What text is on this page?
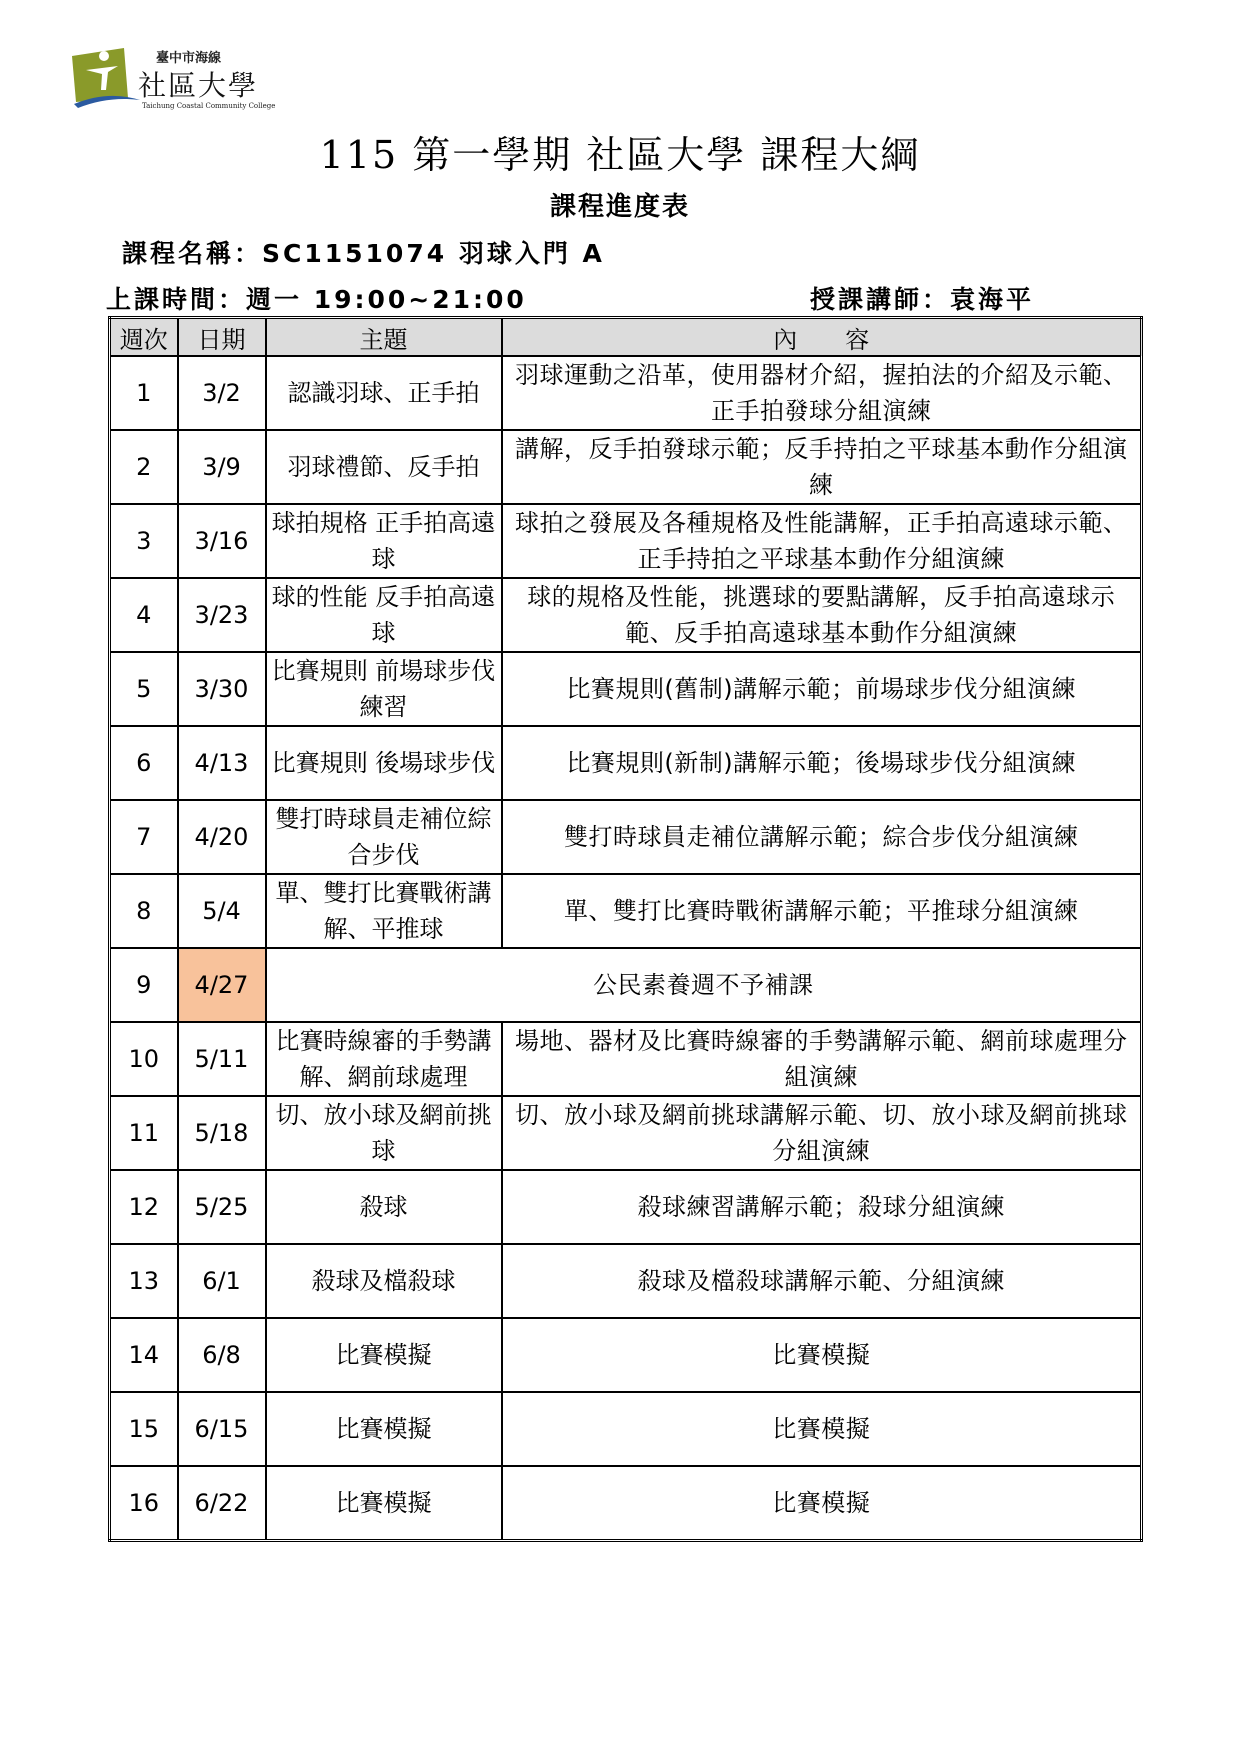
臺中市海線
社區大學
Taichung Coastal Community College
115 第一學期 社區大學 課程大綱
課程進度表
課程名稱：SC1151074 羽球入門 A
上課時間：週一 19:00~21:00	授課講師：袁海平
週次	日期	主題	內　　容
1	3/2	認識羽球、正手拍	羽球運動之沿革，使用器材介紹，握拍法的介紹及示範、正手拍發球分組演練
2	3/9	羽球禮節、反手拍	講解，反手拍發球示範；反手持拍之平球基本動作分組演練
3	3/16	球拍規格 正手拍高遠球	球拍之發展及各種規格及性能講解，正手拍高遠球示範、正手持拍之平球基本動作分組演練
4	3/23	球的性能 反手拍高遠球	球的規格及性能，挑選球的要點講解，反手拍高遠球示範、反手拍高遠球基本動作分組演練
5	3/30	比賽規則 前場球步伐練習	比賽規則(舊制)講解示範；前場球步伐分組演練
6	4/13	比賽規則 後場球步伐	比賽規則(新制)講解示範；後場球步伐分組演練
7	4/20	雙打時球員走補位綜合步伐	雙打時球員走補位講解示範；綜合步伐分組演練
8	5/4	單、雙打比賽戰術講解、平推球	單、雙打比賽時戰術講解示範；平推球分組演練
9	4/27	公民素養週不予補課	
10	5/11	比賽時線審的手勢講解、網前球處理	場地、器材及比賽時線審的手勢講解示範、網前球處理分組演練
11	5/18	切、放小球及網前挑球	切、放小球及網前挑球講解示範、切、放小球及網前挑球分組演練
12	5/25	殺球	殺球練習講解示範；殺球分組演練
13	6/1	殺球及檔殺球	殺球及檔殺球講解示範、分組演練
14	6/8	比賽模擬	比賽模擬
15	6/15	比賽模擬	比賽模擬
16	6/22	比賽模擬	比賽模擬
